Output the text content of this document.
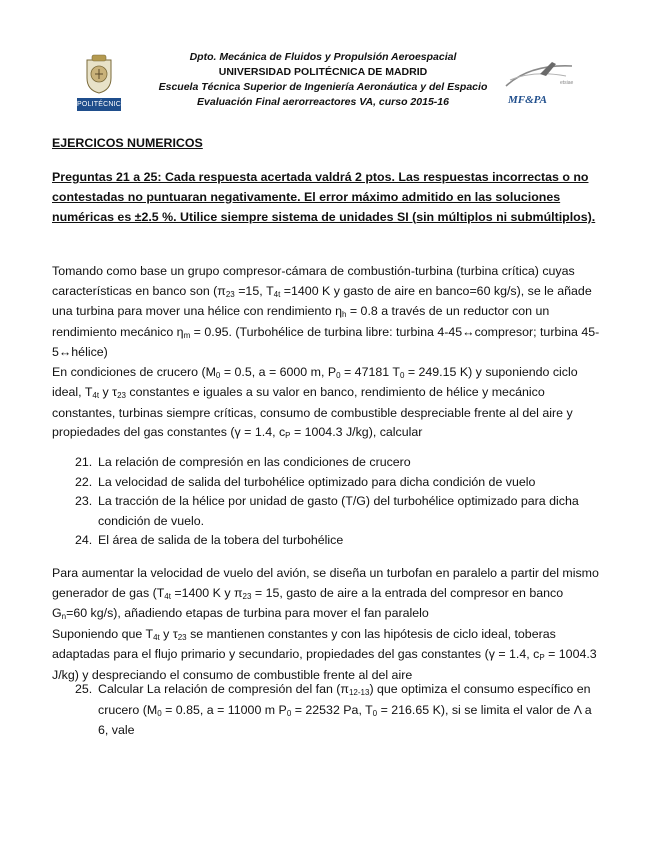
POLITÉCNICA
Dpto. Mecánica de Fluidos y Propulsión Aeroespacial
UNIVERSIDAD POLITÉCNICA DE MADRID
Escuela Técnica Superior de Ingeniería Aeronáutica y del Espacio
Evaluación Final aerorreactores VA, curso 2015-16
etsiae
MF&PA
EJERCICOS NUMERICOS
Preguntas 21 a 25: Cada respuesta acertada valdrá 2 ptos. Las respuestas incorrectas o no contestadas no puntuaran negativamente. El error máximo admitido en las soluciones numéricas es ±2.5 %. Utilice siempre sistema de unidades SI (sin múltiplos ni submúltiplos).
Tomando como base un grupo compresor-cámara de combustión-turbina (turbina crítica) cuyas características en banco son (π23 =15, T4t =1400 K y gasto de aire en banco=60 kg/s), se le añade una turbina para mover una hélice con rendimiento ηh = 0.8 a través de un reductor con un rendimiento mecánico ηm = 0.95. (Turbohélice de turbina libre: turbina 4-45↔compresor; turbina 45-5↔hélice)
En condiciones de crucero (M0 = 0.5, a = 6000 m, P0 = 47181 T0 = 249.15 K) y suponiendo ciclo ideal, T4t y τ23 constantes e iguales a su valor en banco, rendimiento de hélice y mecánico constantes, turbinas siempre críticas, consumo de combustible despreciable frente al del aire y propiedades del gas constantes (γ = 1.4, cP = 1004.3 J/kg), calcular
21. La relación de compresión en las condiciones de crucero
22. La velocidad de salida del turbohélice optimizado para dicha condición de vuelo
23. La tracción de la hélice por unidad de gasto (T/G) del turbohélice optimizado para dicha condición de vuelo.
24. El área de salida de la tobera del turbohélice
Para aumentar la velocidad de vuelo del avión, se diseña un turbofan en paralelo a partir del mismo generador de gas (T4t =1400 K y π23 = 15, gasto de aire a la entrada del compresor en banco Gn=60 kg/s), añadiendo etapas de turbina para mover el fan paralelo
Suponiendo que T4t y τ23 se mantienen constantes y con las hipótesis de ciclo ideal, toberas adaptadas para el flujo primario y secundario, propiedades del gas constantes (γ = 1.4, cP = 1004.3 J/kg) y despreciando el consumo de combustible frente al del aire
25. Calcular La relación de compresión del fan (π12-13) que optimiza el consumo específico en crucero (M0 = 0.85, a = 11000 m P0 = 22532 Pa, T0 = 216.65 K), si se limita el valor de Λ a 6, vale
